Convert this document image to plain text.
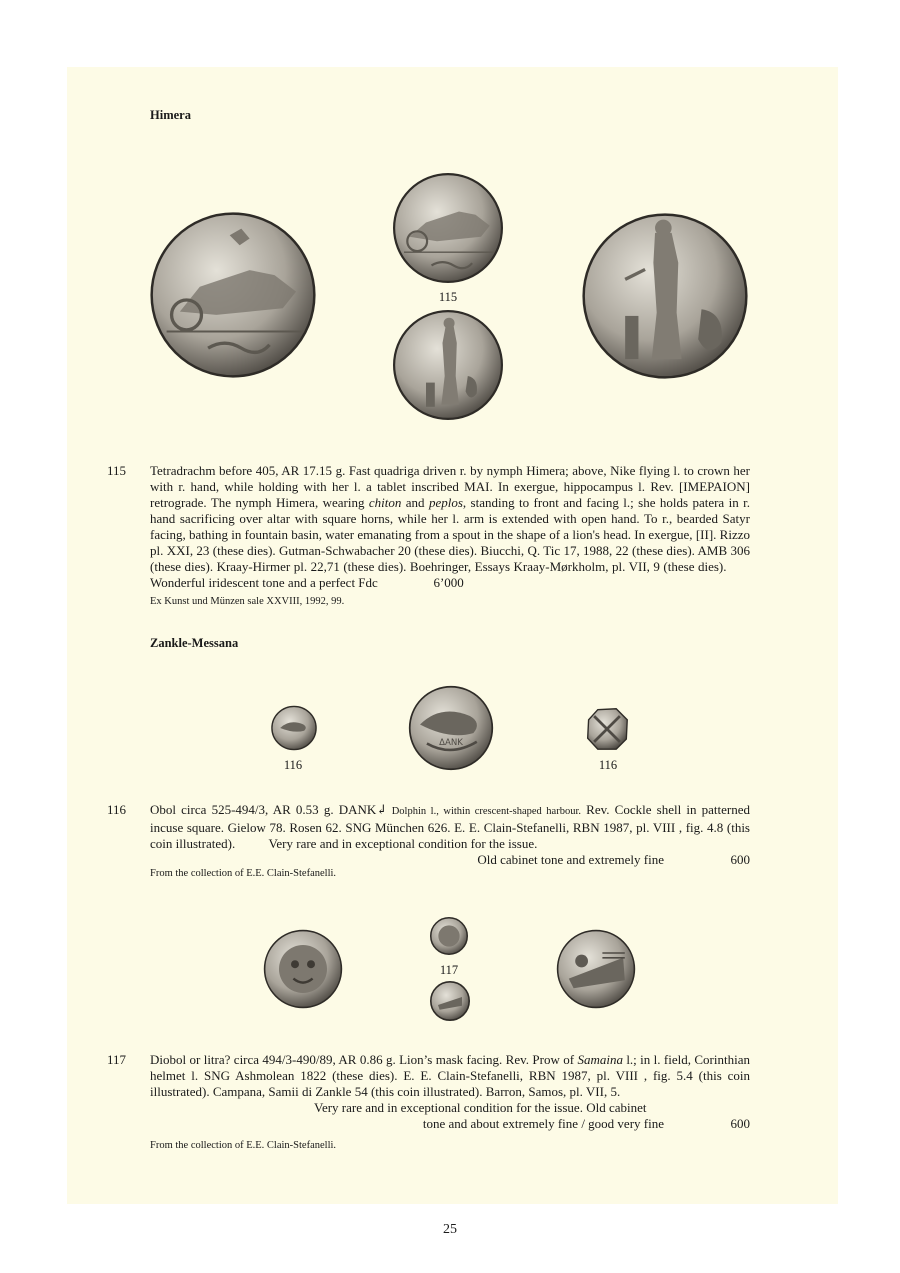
Himera
115
115 Tetradrachm before 405, AR 17.15 g. Fast quadriga driven r. by nymph Himera; above, Nike flying l. to crown her with r. hand, while holding with her l. a tablet inscribed MAI. In exergue, hippocampus l. Rev. [IMEPAION] retrograde. The nymph Himera, wearing chiton and peplos, standing to front and facing l.; she holds patera in r. hand sacrificing over altar with square horns, while her l. arm is extended with open hand. To r., bearded Satyr facing, bathing in fountain basin, water emanating from a spout in the shape of a lion's head. In exergue, [II]. Rizzo pl. XXI, 23 (these dies). Gutman-Schwabacher 20 (these dies). Biucchi, Q. Tic 17, 1988, 22 (these dies). AMB 306 (these dies). Kraay-Hirmer pl. 22,71 (these dies). Boehringer, Essays Kraay-Mørkholm, pl. VII, 9 (these dies). Wonderful iridescent tone and a perfect Fdc	6’000
Ex Kunst und Münzen sale XXVIII, 1992, 99.
Zankle-Messana
ΔΑΝΚ
116	116
116 Obol circa 525-494/3, AR 0.53 g. DANK↲ Dolphin l., within crescent-shaped harbour. Rev. Cockle shell in patterned incuse square. Gielow 78. Rosen 62. SNG München 626. E. E. Clain-Stefanelli, RBN 1987, pl. VIII , fig. 4.8 (this coin illustrated).	Very rare and in exceptional condition for the issue.
Old cabinet tone and extremely fine	600
From the collection of E.E. Clain-Stefanelli.
117
117 Diobol or litra? circa 494/3-490/89, AR 0.86 g. Lion’s mask facing. Rev. Prow of Samaina l.; in l. field, Corinthian helmet l. SNG Ashmolean 1822 (these dies). E. E. Clain-Stefanelli, RBN 1987, pl. VIII , fig. 5.4 (this coin illustrated). Campana, Samii di Zankle 54 (this coin illustrated). Barron, Samos, pl. VII, 5.
Very rare and in exceptional condition for the issue. Old cabinet
tone and about extremely fine / good very fine	600
From the collection of E.E. Clain-Stefanelli.
25
